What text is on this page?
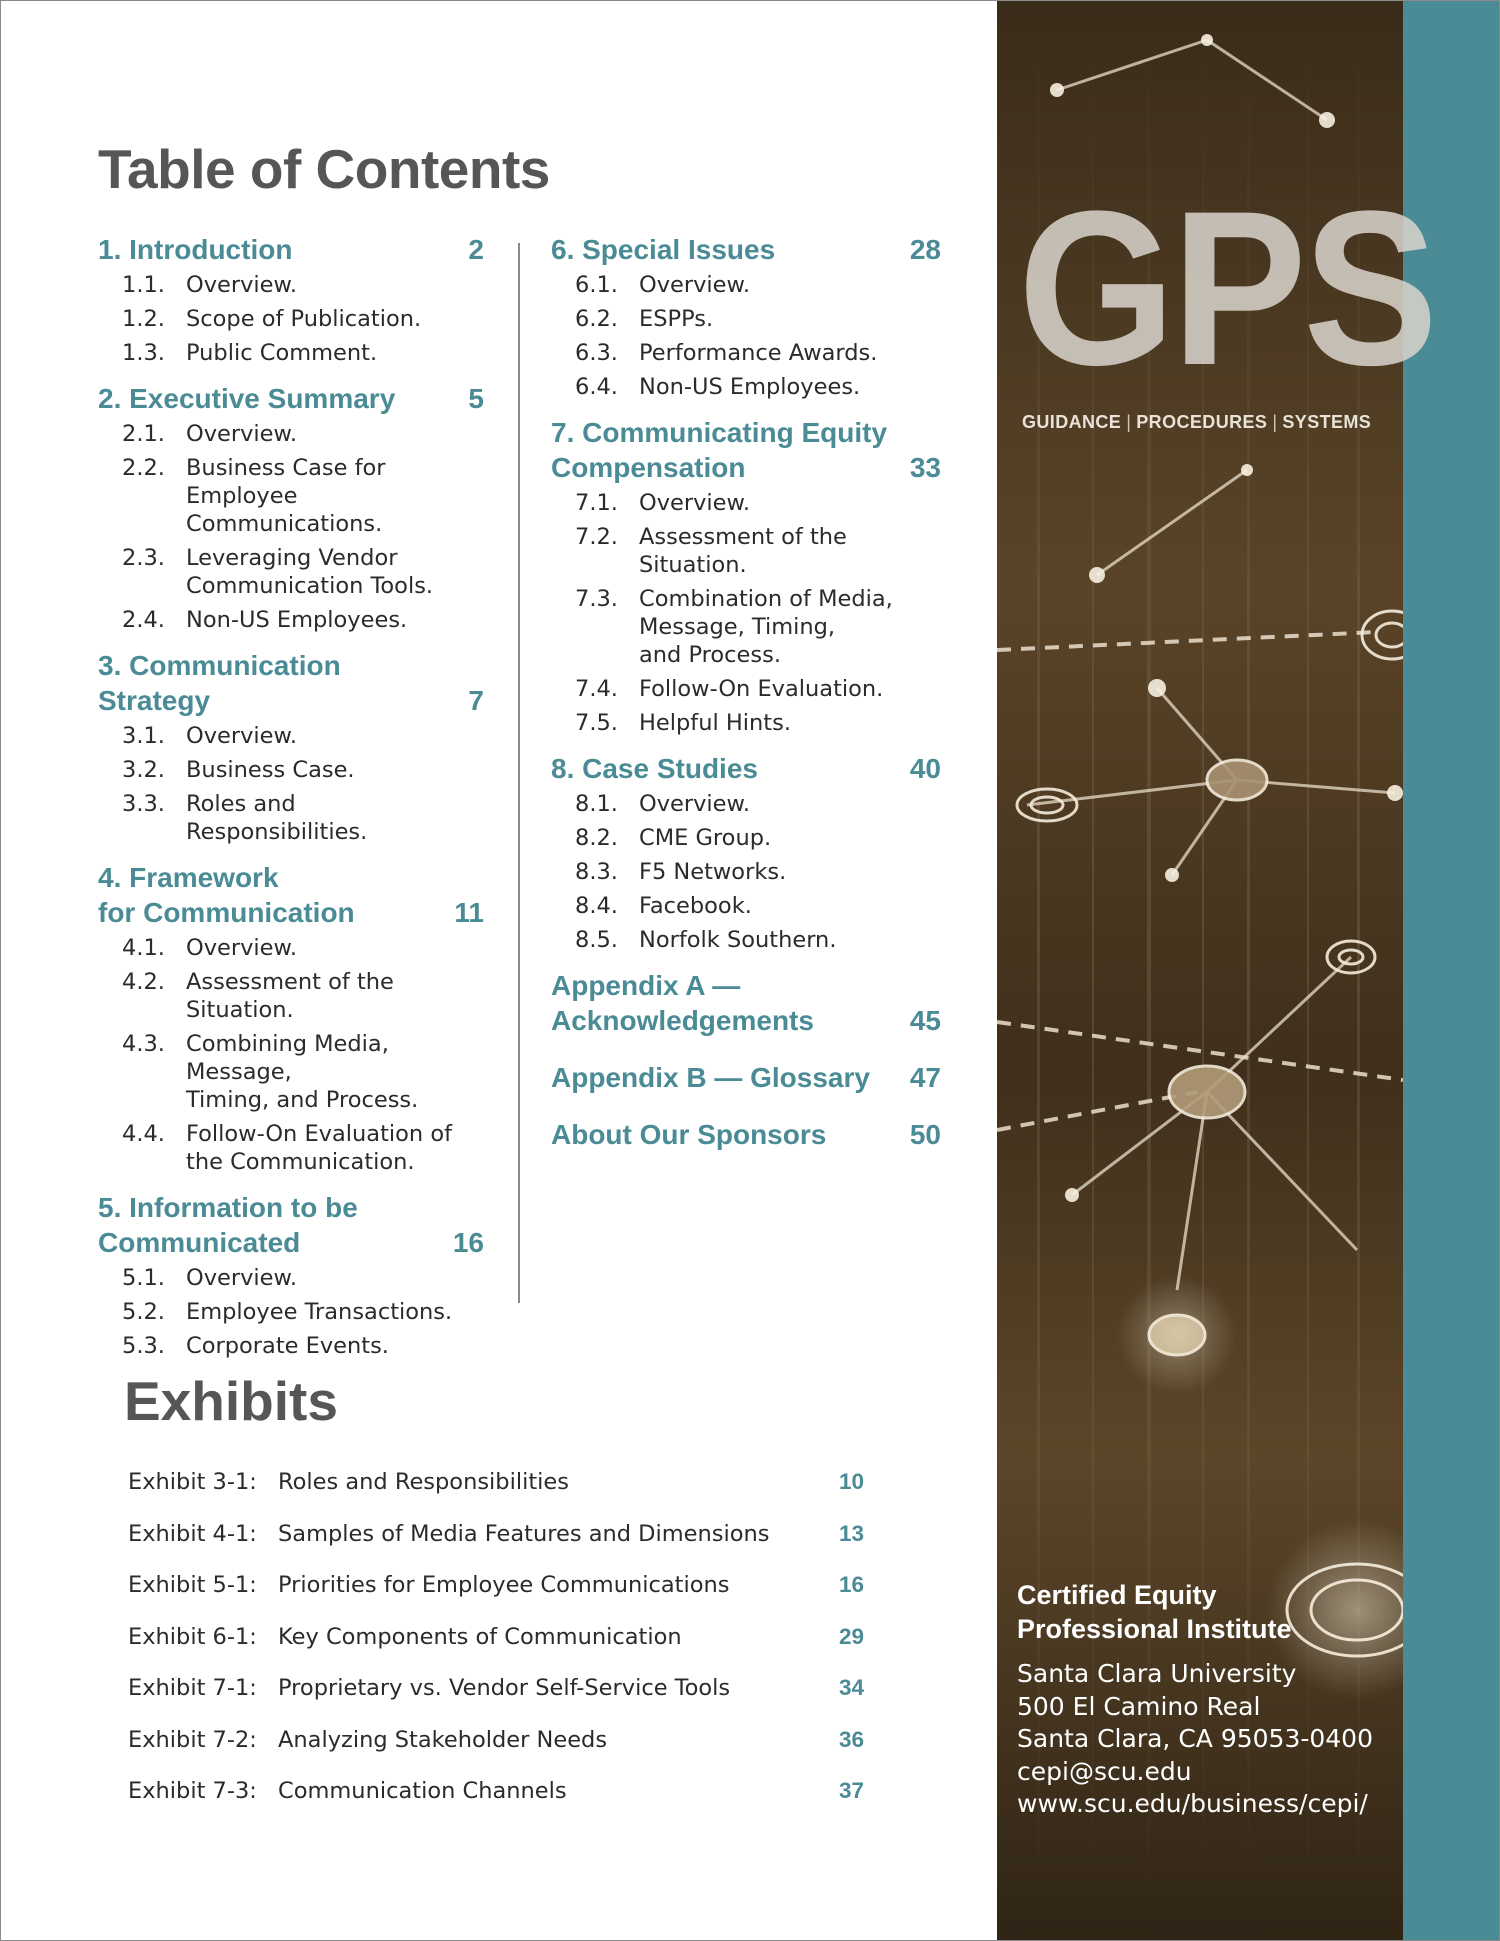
Table of Contents
1. Introduction	2
1.1. Overview.
1.2. Scope of Publication.
1.3. Public Comment.
2. Executive Summary	5
2.1. Overview.
2.2. Business Case for
Employee Communications.
2.3. Leveraging Vendor
Communication Tools.
2.4. Non-US Employees.
3. Communication
Strategy	7
3.1. Overview.
3.2. Business Case.
3.3. Roles and Responsibilities.
4. Framework
for Communication	11
4.1. Overview.
4.2. Assessment of the Situation.
4.3. Combining Media, Message,
Timing, and Process.
4.4. Follow-On Evaluation of
the Communication.
5. Information to be
Communicated	16
5.1. Overview.
5.2. Employee Transactions.
5.3. Corporate Events.
6. Special Issues	28
6.1. Overview.
6.2. ESPPs.
6.3. Performance Awards.
6.4. Non-US Employees.
7. Communicating Equity
Compensation	33
7.1. Overview.
7.2. Assessment of the Situation.
7.3. Combination of Media,
Message, Timing,
and Process.
7.4. Follow-On Evaluation.
7.5. Helpful Hints.
8. Case Studies	40
8.1. Overview.
8.2. CME Group.
8.3. F5 Networks.
8.4. Facebook.
8.5. Norfolk Southern.
Appendix A —
Acknowledgements	45
Appendix B — Glossary	47
About Our Sponsors	50
Exhibits
Exhibit 3-1: Roles and Responsibilities	10
Exhibit 4-1: Samples of Media Features and Dimensions	13
Exhibit 5-1: Priorities for Employee Communications	16
Exhibit 6-1: Key Components of Communication	29
Exhibit 7-1: Proprietary vs. Vendor Self-Service Tools	34
Exhibit 7-2: Analyzing Stakeholder Needs	36
Exhibit 7-3: Communication Channels	37
GPS
GUIDANCE | PROCEDURES | SYSTEMS
Certified Equity
Professional Institute
Santa Clara University
500 El Camino Real
Santa Clara, CA 95053-0400
cepi@scu.edu
www.scu.edu/business/cepi/
